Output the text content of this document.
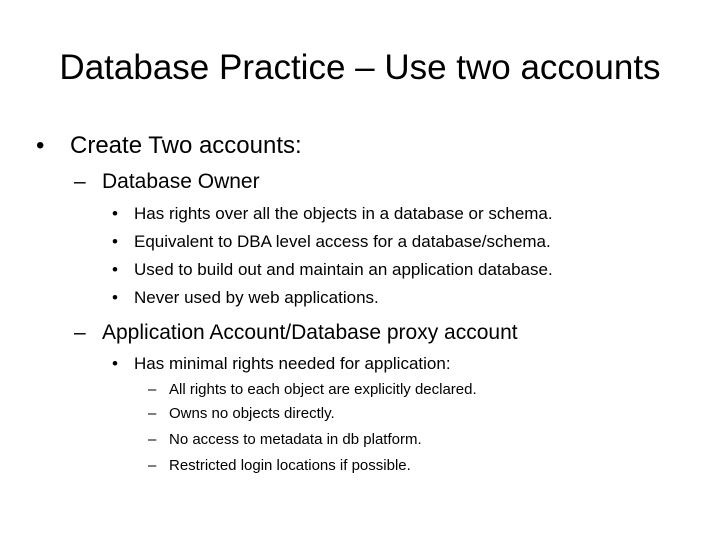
Database Practice – Use two accounts
• Create Two accounts:
– Database Owner
• Has rights over all the objects in a database or schema.
• Equivalent to DBA level access for a database/schema.
• Used to build out and maintain an application database.
• Never used by web applications.
– Application Account/Database proxy account
• Has minimal rights needed for application:
– All rights to each object are explicitly declared.
– Owns no objects directly.
– No access to metadata in db platform.
– Restricted login locations if possible.
